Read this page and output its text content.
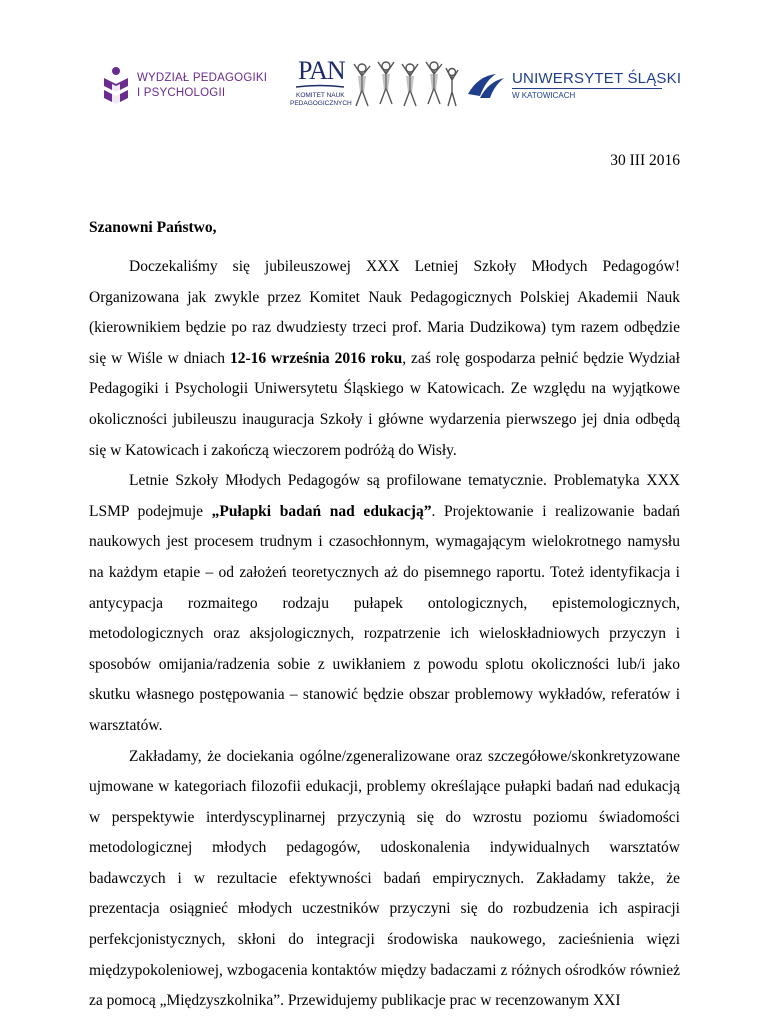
WYDZIAŁ PEDAGOGIKI
I PSYCHOLOGII
PAN
KOMITET NAUK
PEDAGOGICZNYCH
UNIWERSYTET ŚLĄSKI
W KATOWICACH
30 III 2016
Szanowni Państwo,

Doczekaliśmy się jubileuszowej XXX Letniej Szkoły Młodych Pedagogów! Organizowana jak zwykle przez Komitet Nauk Pedagogicznych Polskiej Akademii Nauk (kierownikiem będzie po raz dwudziesty trzeci prof. Maria Dudzikowa) tym razem odbędzie się w Wiśle w dniach 12-16 września 2016 roku, zaś rolę gospodarza pełnić będzie Wydział Pedagogiki i Psychologii Uniwersytetu Śląskiego w Katowicach. Ze względu na wyjątkowe okoliczności jubileuszu inauguracja Szkoły i główne wydarzenia pierwszego jej dnia odbędą się w Katowicach i zakończą wieczorem podróżą do Wisły.

Letnie Szkoły Młodych Pedagogów są profilowane tematycznie. Problematyka XXX LSMP podejmuje „Pułapki badań nad edukacją”. Projektowanie i realizowanie badań naukowych jest procesem trudnym i czasochłonnym, wymagającym wielokrotnego namysłu na każdym etapie – od założeń teoretycznych aż do pisemnego raportu. Toteż identyfikacja i antycypacja rozmaitego rodzaju pułapek ontologicznych, epistemologicznych, metodologicznych oraz aksjologicznych, rozpatrzenie ich wieloskładniowych przyczyn i sposobów omijania/radzenia sobie z uwikłaniem z powodu splotu okoliczności lub/i jako skutku własnego postępowania – stanowić będzie obszar problemowy wykładów, referatów i warsztatów.

Zakładamy, że dociekania ogólne/zgeneralizowane oraz szczegółowe/skonkretyzowane ujmowane w kategoriach filozofii edukacji, problemy określające pułapki badań nad edukacją w perspektywie interdyscyplinarnej przyczynią się do wzrostu poziomu świadomości metodologicznej młodych pedagogów, udoskonalenia indywidualnych warsztatów badawczych i w rezultacie efektywności badań empirycznych. Zakładamy także, że prezentacja osiągnieć młodych uczestników przyczyni się do rozbudzenia ich aspiracji perfekcjonistycznych, skłoni do integracji środowiska naukowego, zacieśnienia więzi międzypokoleniowej, wzbogacenia kontaktów między badaczami z różnych ośrodków również za pomocą „Międzyszkolnika”. Przewidujemy publikacje prac w recenzowanym XXI
